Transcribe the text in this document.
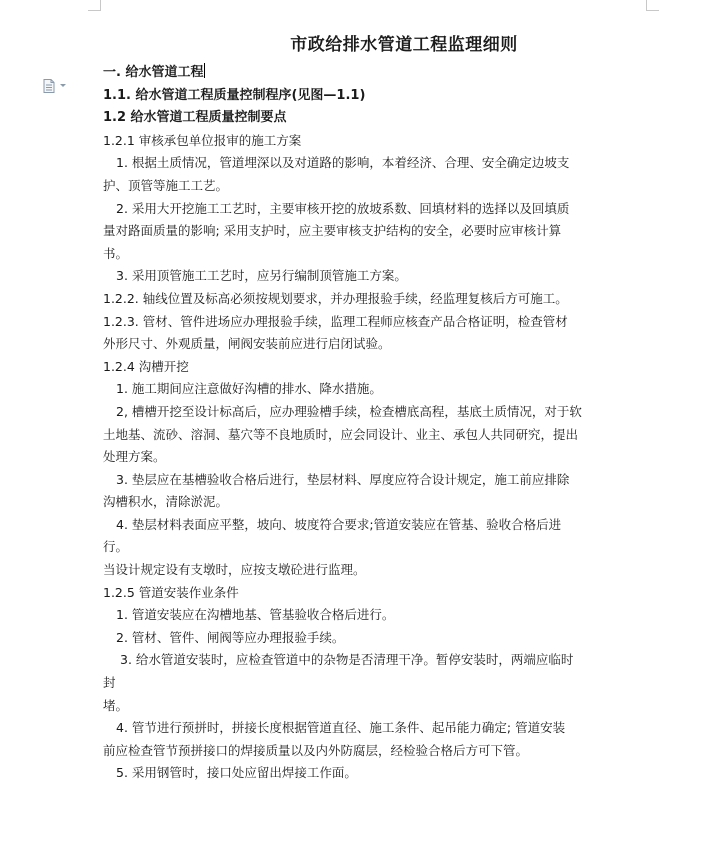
市政给排水管道工程监理细则
一. 给水管道工程
1.1. 给水管道工程质量控制程序(见图—1.1)
1.2 给水管道工程质量控制要点
1.2.1 审核承包单位报审的施工方案
1. 根据土质情况，管道埋深以及对道路的影响，本着经济、合理、安全确定边坡支
护、顶管等施工工艺。
2. 采用大开挖施工工艺时，主要审核开挖的放坡系数、回填材料的选择以及回填质
量对路面质量的影响; 采用支护时，应主要审核支护结构的安全，必要时应审核计算
书。
3. 采用顶管施工工艺时，应另行编制顶管施工方案。
1.2.2. 轴线位置及标高必须按规划要求，并办理报验手续，经监理复核后方可施工。
1.2.3. 管材、管件进场应办理报验手续，监理工程师应核查产品合格证明，检查管材
外形尺寸、外观质量，闸阀安装前应进行启闭试验。
1.2.4 沟槽开挖
1. 施工期间应注意做好沟槽的排水、降水措施。
2, 槽槽开挖至设计标高后，应办理验槽手续，检查槽底高程，基底土质情况，对于软
土地基、流砂、溶洞、墓穴等不良地质时，应会同设计、业主、承包人共同研究，提出
处理方案。
3. 垫层应在基槽验收合格后进行，垫层材料、厚度应符合设计规定，施工前应排除
沟槽积水，清除淤泥。
4. 垫层材料表面应平整，坡向、坡度符合要求;管道安装应在管基、验收合格后进
行。
当设计规定设有支墩时，应按支墩砼进行监理。
1.2.5 管道安装作业条件
1. 管道安装应在沟槽地基、管基验收合格后进行。
2. 管材、管件、闸阀等应办理报验手续。
3. 给水管道安装时，应检查管道中的杂物是否清理干净。暂停安装时，两端应临时
封
堵。
4. 管节进行预拼时，拼接长度根据管道直径、施工条件、起吊能力确定; 管道安装
前应检查管节预拼接口的焊接质量以及内外防腐层，经检验合格后方可下管。
5. 采用钢管时，接口处应留出焊接工作面。
